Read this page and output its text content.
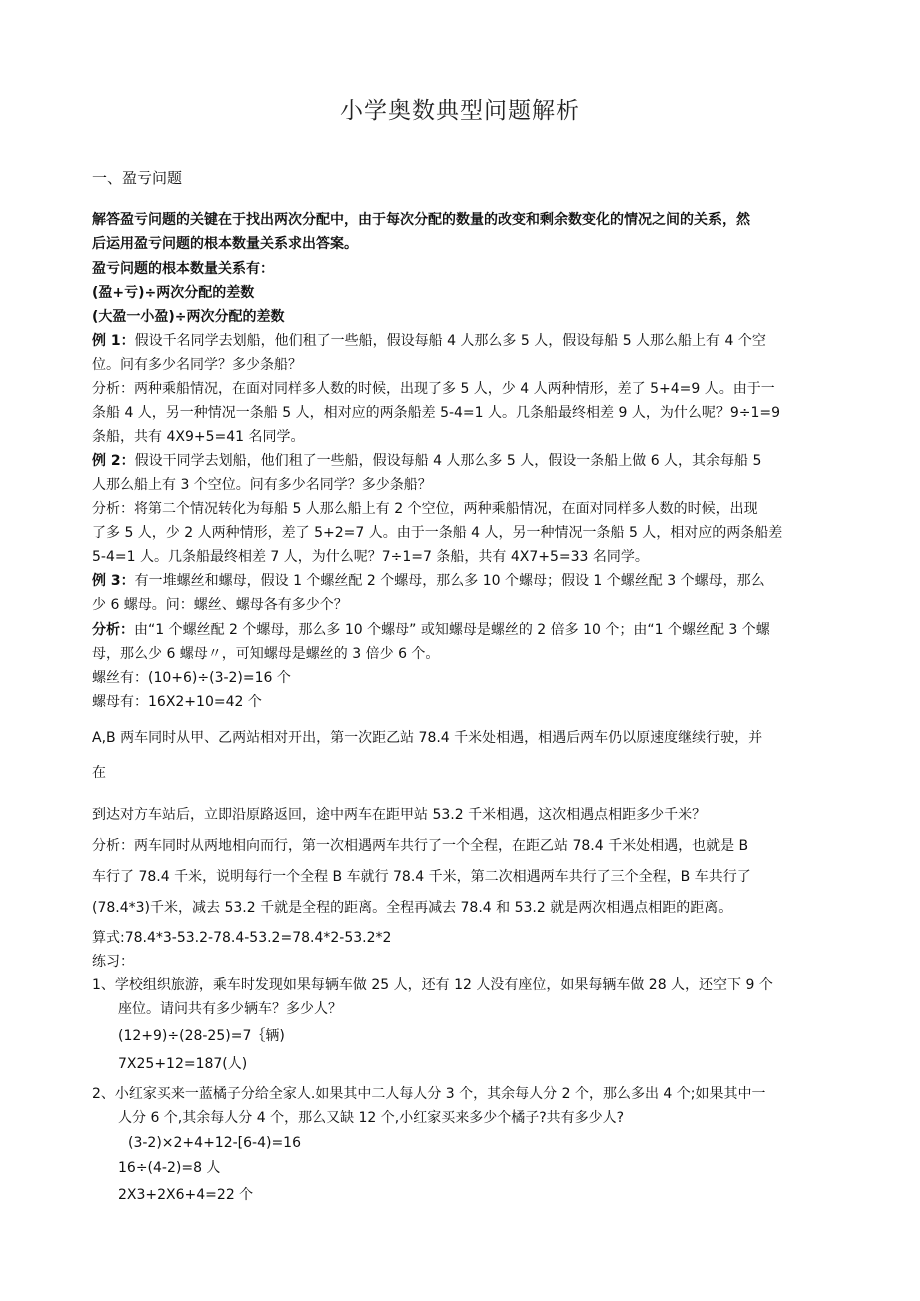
小学奥数典型问题解析
一、盈亏问题
解答盈亏问题的关键在于找出两次分配中，由于每次分配的数量的改变和剩余数变化的情况之间的关系，然
后运用盈亏问题的根本数量关系求出答案。
盈亏问题的根本数量关系有：
(盈+亏)÷两次分配的差数
(大盈一小盈)÷两次分配的差数
例 1：假设千名同学去划船，他们租了一些船，假设每船 4 人那么多 5 人，假设每船 5 人那么船上有 4 个空
位。问有多少名同学？多少条船？
分析：两种乘船情况，在面对同样多人数的时候，出现了多 5 人，少 4 人两种情形，差了 5+4=9 人。由于一
条船 4 人，另一种情况一条船 5 人，相对应的两条船差 5-4=1 人。几条船最终相差 9 人，为什么呢？9÷1=9
条船，共有 4X9+5=41 名同学。
例 2：假设干同学去划船，他们租了一些船，假设每船 4 人那么多 5 人，假设一条船上做 6 人，其余每船 5
人那么船上有 3 个空位。问有多少名同学？多少条船？
分析：将第二个情况转化为每船 5 人那么船上有 2 个空位，两种乘船情况，在面对同样多人数的时候，出现
了多 5 人，少 2 人两种情形，差了 5+2=7 人。由于一条船 4 人，另一种情况一条船 5 人，相对应的两条船差
5-4=1 人。几条船最终相差 7 人，为什么呢？7÷1=7 条船，共有 4X7+5=33 名同学。
例 3：有一堆螺丝和螺母，假设 1 个螺丝配 2 个螺母，那么多 10 个螺母；假设 1 个螺丝配 3 个螺母，那么
少 6 螺母。问：螺丝、螺母各有多少个？
分析：由“1 个螺丝配 2 个螺母，那么多 10 个螺母” 或知螺母是螺丝的 2 倍多 10 个；由“1 个螺丝配 3 个螺
母，那么少 6 螺母〃，可知螺母是螺丝的 3 倍少 6 个。
螺丝有：(10+6)÷(3-2)=16 个
螺母有：16X2+10=42 个
A,B 两车同时从甲、乙两站相对开出，第一次距乙站 78.4 千米处相遇，相遇后两车仍以原速度继续行驶，并
在
到达对方车站后，立即沿原路返回，途中两车在距甲站 53.2 千米相遇，这次相遇点相距多少千米？
分析：两车同时从两地相向而行，第一次相遇两车共行了一个全程，在距乙站 78.4 千米处相遇，也就是 B
车行了 78.4 千米，说明每行一个全程 B 车就行 78.4 千米，第二次相遇两车共行了三个全程，B 车共行了
(78.4*3)千米，减去 53.2 千就是全程的距离。全程再减去 78.4 和 53.2 就是两次相遇点相距的距离。
算式:78.4*3-53.2-78.4-53.2=78.4*2-53.2*2
练习：
1、学校组织旅游，乘车时发现如果每辆车做 25 人，还有 12 人没有座位，如果每辆车做 28 人，还空下 9 个
座位。请问共有多少辆车？多少人？
(12+9)÷(28-25)=7｛辆)
7X25+12=187(人)
2、小红家买来一蓝橘子分给全家人.如果其中二人每人分 3 个，其余每人分 2 个，那么多出 4 个;如果其中一
人分 6 个,其余每人分 4 个，那么又缺 12 个,小红家买来多少个橘子?共有多少人?
(3-2)×2+4+12-[6-4)=16
16÷(4-2)=8 人
2X3+2X6+4=22 个
